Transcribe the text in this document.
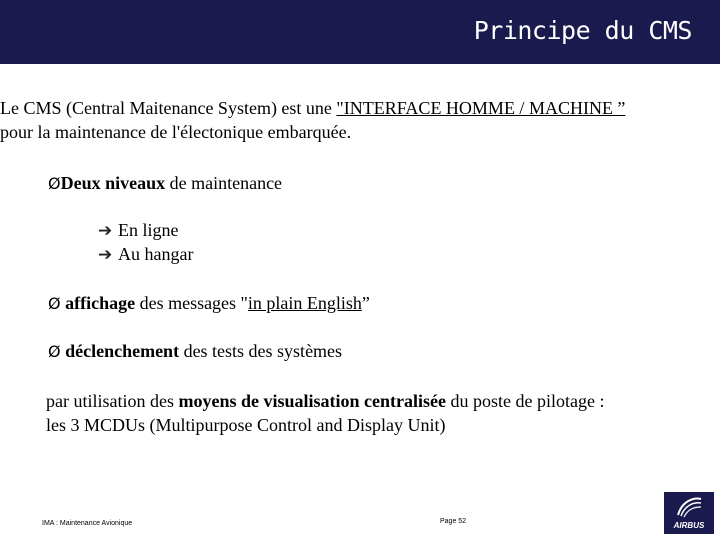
Principe du CMS
Le CMS (Central Maitenance System) est une "INTERFACE HOMME / MACHINE ”
pour la maintenance de l'électonique embarquée.
ØDeux niveaux de maintenance
➔ En ligne
➔ Au hangar
Ø affichage des messages "in plain English”
Ø déclenchement des tests des systèmes
par utilisation des moyens de visualisation centralisée du poste de pilotage :
les 3 MCDUs (Multipurpose Control and Display Unit)
IMA : Maintenance Avionique	Page 52	AIRBUS
